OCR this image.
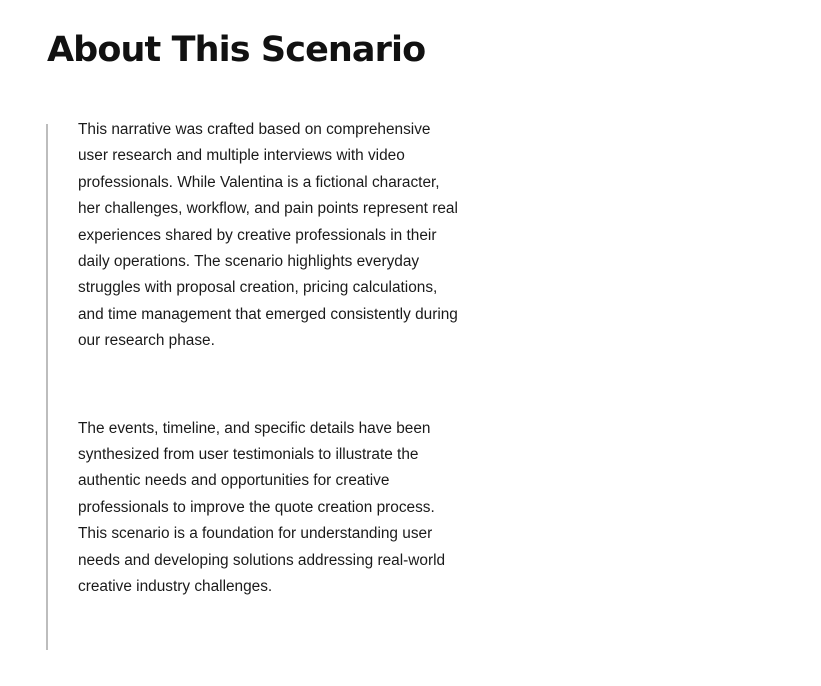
About This Scenario

This narrative was crafted based on comprehensive user research and multiple interviews with video professionals. While Valentina is a fictional character, her challenges, workflow, and pain points represent real experiences shared by creative professionals in their daily operations. The scenario highlights everyday struggles with proposal creation, pricing calculations, and time management that emerged consistently during our research phase.

The events, timeline, and specific details have been synthesized from user testimonials to illustrate the authentic needs and opportunities for creative professionals to improve the quote creation process. This scenario is a foundation for understanding user needs and developing solutions addressing real-world creative industry challenges.
